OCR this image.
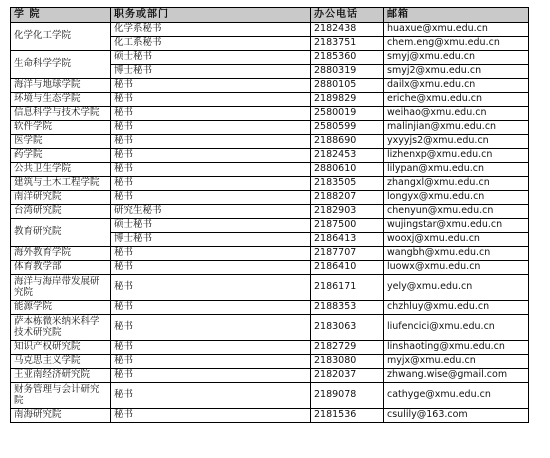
学 院	职务或部门	办公电话	邮箱
化学化工学院	化学系秘书	2182438	huaxue@xmu.edu.cn
	化工系秘书	2183751	chem.eng@xmu.edu.cn
生命科学学院	硕士秘书	2185360	smyj@xmu.edu.cn
	博士秘书	2880319	smyj2@xmu.edu.cn
海洋与地球学院	秘书	2880105	dailx@xmu.edu.cn
环境与生态学院	秘书	2189829	eriche@xmu.edu.cn
信息科学与技术学院	秘书	2580019	weihao@xmu.edu.cn
软件学院	秘书	2580599	malinjian@xmu.edu.cn
医学院	秘书	2188690	yxyyjs2@xmu.edu.cn
药学院	秘书	2182453	lizhenxp@xmu.edu.cn
公共卫生学院	秘书	2880610	lilypan@xmu.edu.cn
建筑与土木工程学院	秘书	2183505	zhangxl@xmu.edu.cn
南洋研究院	秘书	2188207	longyx@xmu.edu.cn
台湾研究院	研究生秘书	2182903	chenyun@xmu.edu.cn
教育研究院	硕士秘书	2187500	wujingstar@xmu.edu.cn
	博士秘书	2186413	wooxj@xmu.edu.cn
海外教育学院	秘书	2187707	wangbh@xmu.edu.cn
体育教学部	秘书	2186410	luowx@xmu.edu.cn
海洋与海岸带发展研究院	秘书	2186171	yely@xmu.edu.cn
能源学院	秘书	2188353	chzhluy@xmu.edu.cn
萨本栋微米纳米科学技术研究院	秘书	2183063	liufencici@xmu.edu.cn
知识产权研究院	秘书	2182729	linshaoting@xmu.edu.cn
马克思主义学院	秘书	2183080	myjx@xmu.edu.cn
王亚南经济研究院	秘书	2182037	zhwang.wise@gmail.com
财务管理与会计研究院	秘书	2189078	cathyge@xmu.edu.cn
南海研究院	秘书	2181536	csulily@163.com
